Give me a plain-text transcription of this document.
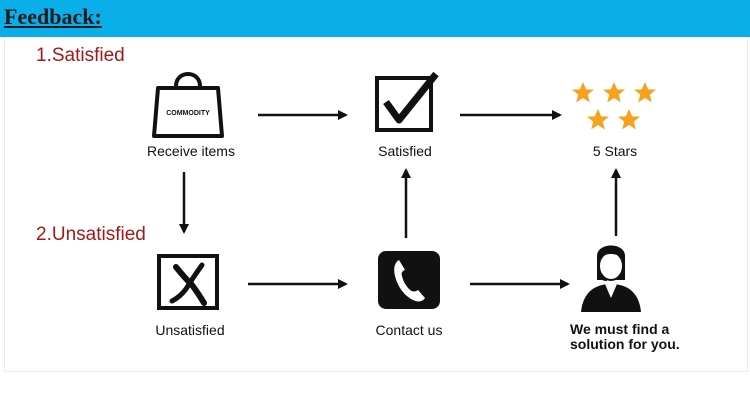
Feedback:
1.Satisfied
2.Unsatisfied
COMMODITY
Receive items	Satisfied	5 Stars
Unsatisfied	Contact us	We must find a solution for you.
